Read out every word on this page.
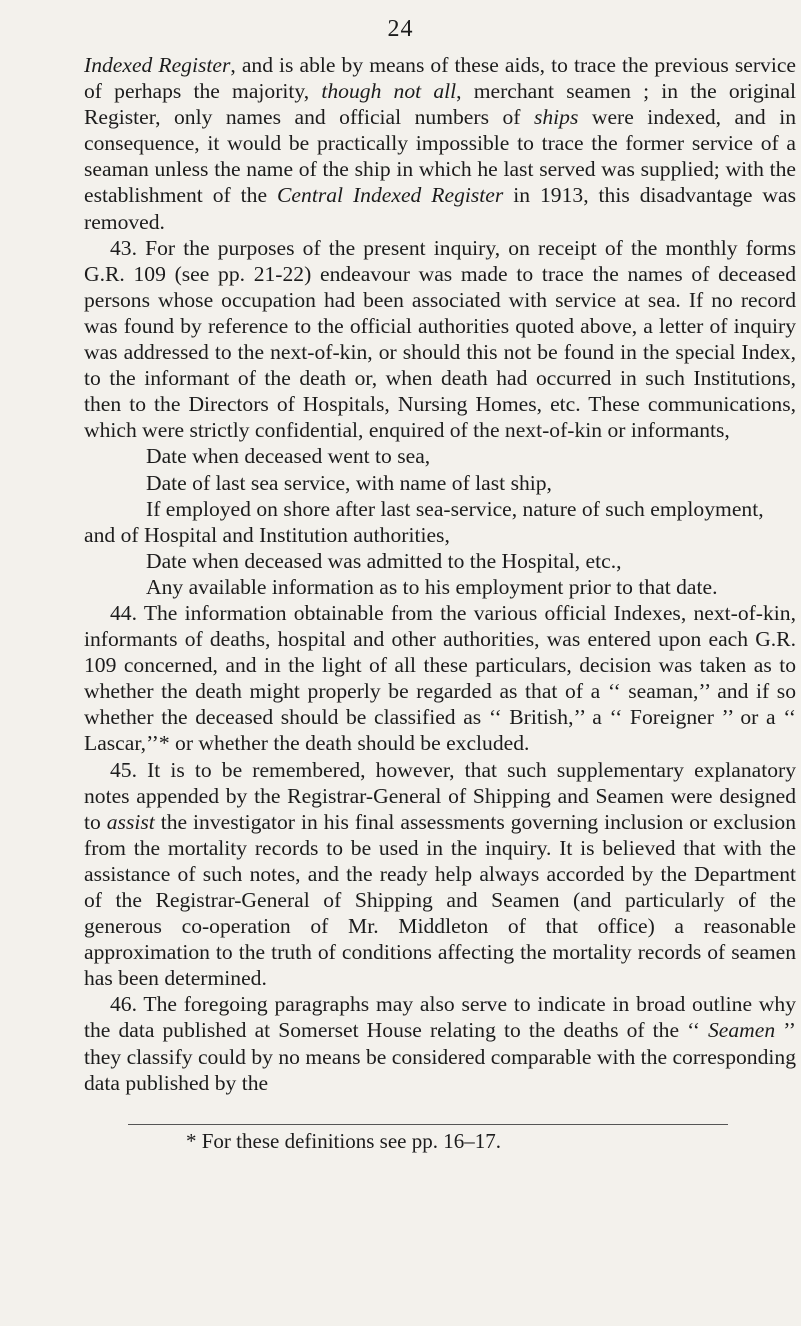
24

Indexed Register, and is able by means of these aids, to trace the previous service of perhaps the majority, though not all, merchant seamen ; in the original Register, only names and official numbers of ships were indexed, and in consequence, it would be practically impossible to trace the former service of a seaman unless the name of the ship in which he last served was supplied; with the establishment of the Central Indexed Register in 1913, this disadvantage was removed.

43. For the purposes of the present inquiry, on receipt of the monthly forms G.R. 109 (see pp. 21-22) endeavour was made to trace the names of deceased persons whose occupation had been associated with service at sea. If no record was found by reference to the official authorities quoted above, a letter of inquiry was addressed to the next-of-kin, or should this not be found in the special Index, to the informant of the death or, when death had occurred in such Institutions, then to the Directors of Hospitals, Nursing Homes, etc. These communications, which were strictly confidential, enquired of the next-of-kin or informants,

Date when deceased went to sea,

Date of last sea service, with name of last ship,

If employed on shore after last sea-service, nature of such employment,

and of Hospital and Institution authorities,

Date when deceased was admitted to the Hospital, etc.,

Any available information as to his employment prior to that date.

44. The information obtainable from the various official Indexes, next-of-kin, informants of deaths, hospital and other authorities, was entered upon each G.R. 109 concerned, and in the light of all these particulars, decision was taken as to whether the death might properly be regarded as that of a ‘‘ seaman,’’ and if so whether the deceased should be classified as ‘‘ British,’’ a ‘‘ Foreigner ’’ or a ‘‘ Lascar,’’* or whether the death should be excluded.

45. It is to be remembered, however, that such supplementary explanatory notes appended by the Registrar-General of Shipping and Seamen were designed to assist the investigator in his final assessments governing inclusion or exclusion from the mortality records to be used in the inquiry. It is believed that with the assistance of such notes, and the ready help always accorded by the Department of the Registrar-General of Shipping and Seamen (and particularly of the generous co-operation of Mr. Middleton of that office) a reasonable approximation to the truth of conditions affecting the mortality records of seamen has been determined.

46. The foregoing paragraphs may also serve to indicate in broad outline why the data published at Somerset House relating to the deaths of the ‘‘ Seamen ’’ they classify could by no means be considered comparable with the corresponding data published by the

* For these definitions see pp. 16–17.
